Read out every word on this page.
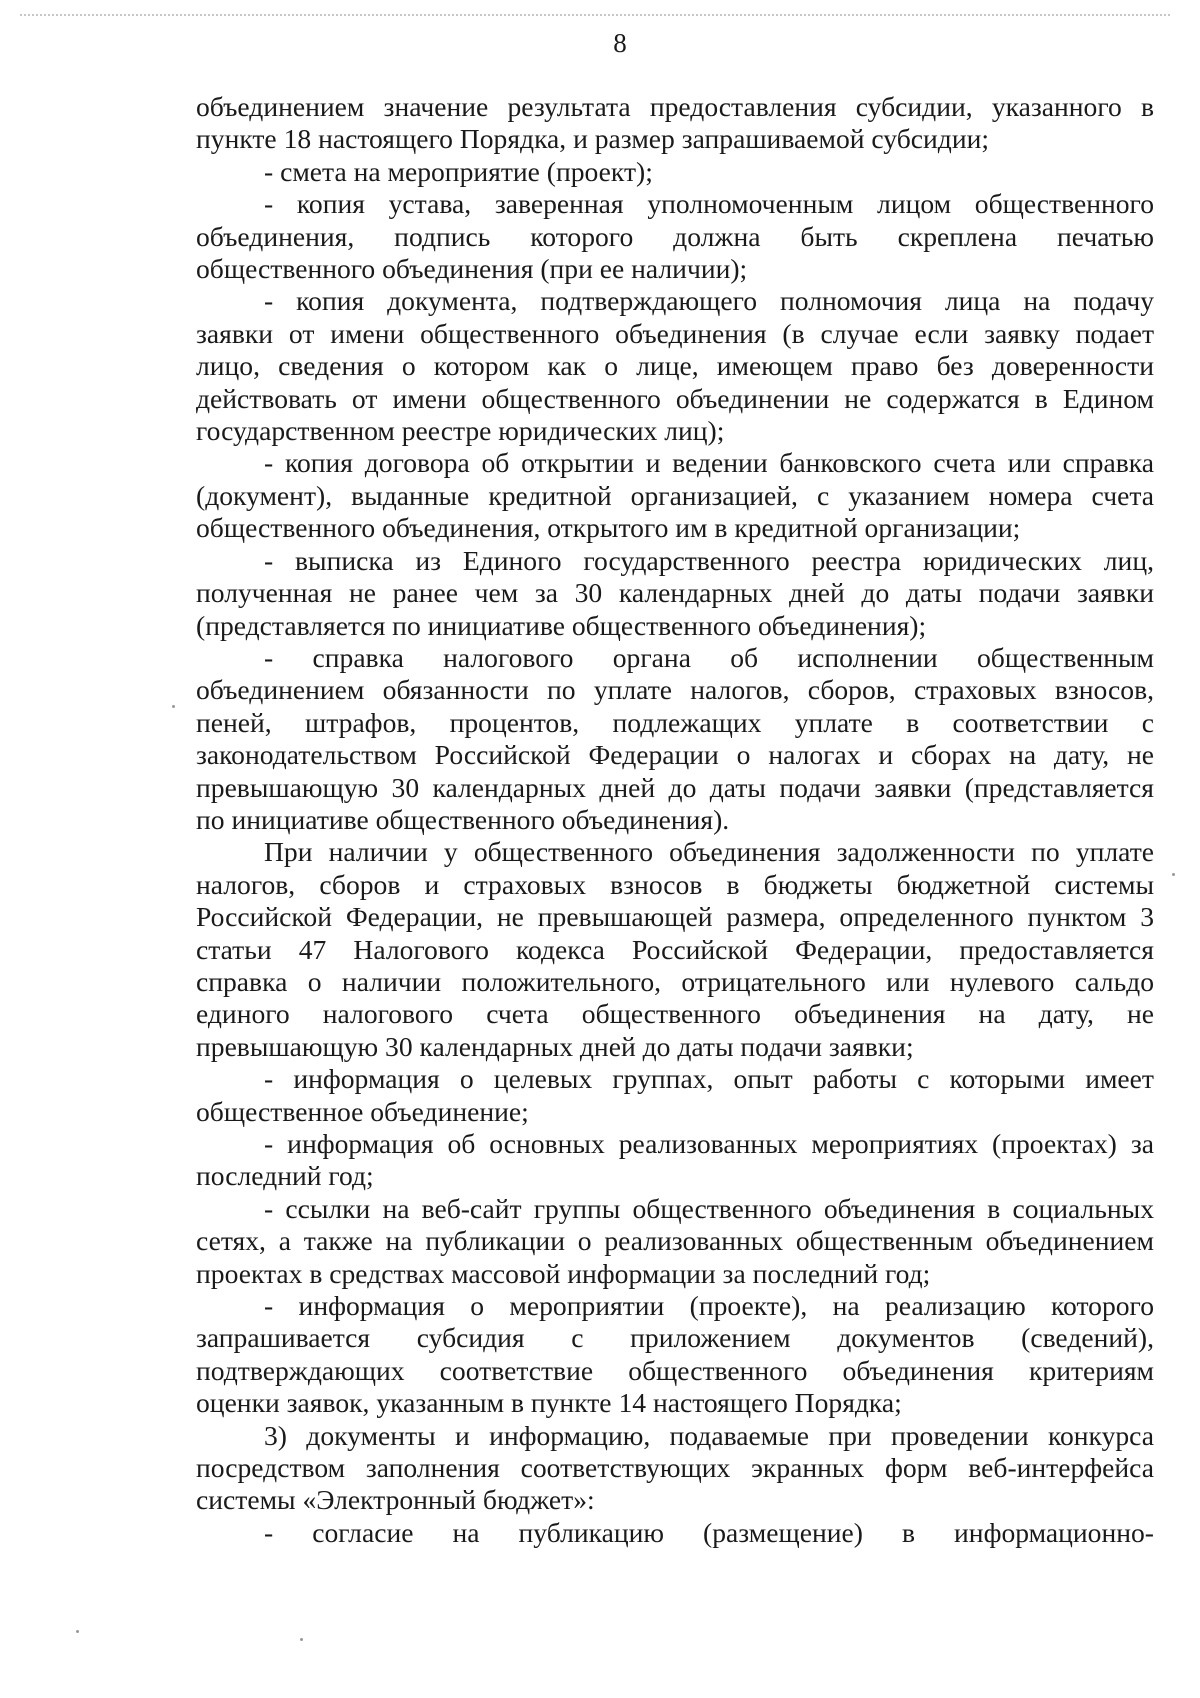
8
объединением значение результата предоставления субсидии, указанного в
пункте 18 настоящего Порядка, и размер запрашиваемой субсидии;
- смета на мероприятие (проект);
- копия устава, заверенная уполномоченным лицом общественного
объединения, подпись которого должна быть скреплена печатью
общественного объединения (при ее наличии);
- копия документа, подтверждающего полномочия лица на подачу
заявки от имени общественного объединения (в случае если заявку подает
лицо, сведения о котором как о лице, имеющем право без доверенности
действовать от имени общественного объединении не содержатся в Едином
государственном реестре юридических лиц);
- копия договора об открытии и ведении банковского счета или справка
(документ), выданные кредитной организацией, с указанием номера счета
общественного объединения, открытого им в кредитной организации;
- выписка из Единого государственного реестра юридических лиц,
полученная не ранее чем за 30 календарных дней до даты подачи заявки
(представляется по инициативе общественного объединения);
- справка налогового органа об исполнении общественным
объединением обязанности по уплате налогов, сборов, страховых взносов,
пеней, штрафов, процентов, подлежащих уплате в соответствии с
законодательством Российской Федерации о налогах и сборах на дату, не
превышающую 30 календарных дней до даты подачи заявки (представляется
по инициативе общественного объединения).
При наличии у общественного объединения задолженности по уплате
налогов, сборов и страховых взносов в бюджеты бюджетной системы
Российской Федерации, не превышающей размера, определенного пунктом 3
статьи 47 Налогового кодекса Российской Федерации, предоставляется
справка о наличии положительного, отрицательного или нулевого сальдо
единого налогового счета общественного объединения на дату, не
превышающую 30 календарных дней до даты подачи заявки;
- информация о целевых группах, опыт работы с которыми имеет
общественное объединение;
- информация об основных реализованных мероприятиях (проектах) за
последний год;
- ссылки на веб-сайт группы общественного объединения в социальных
сетях, а также на публикации о реализованных общественным объединением
проектах в средствах массовой информации за последний год;
- информация о мероприятии (проекте), на реализацию которого
запрашивается субсидия с приложением документов (сведений),
подтверждающих соответствие общественного объединения критериям
оценки заявок, указанным в пункте 14 настоящего Порядка;
3) документы и информацию, подаваемые при проведении конкурса
посредством заполнения соответствующих экранных форм веб-интерфейса
системы «Электронный бюджет»:
- согласие на публикацию (размещение) в информационно-
